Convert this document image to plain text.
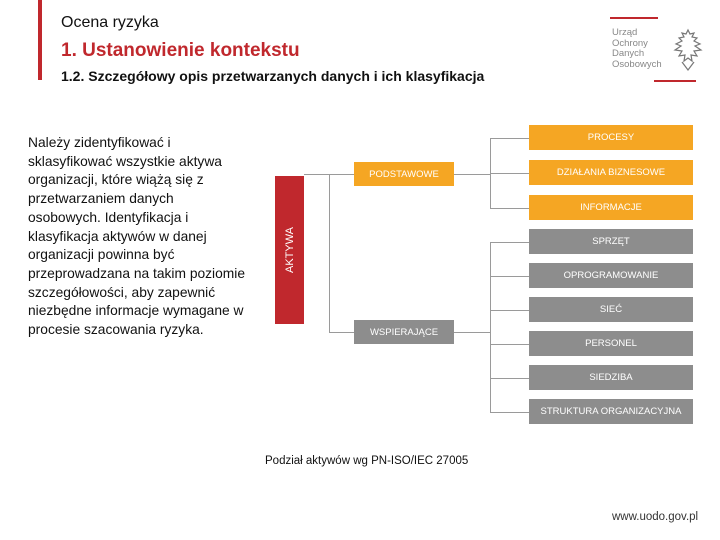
Ocena ryzyka
1. Ustanowienie kontekstu
1.2. Szczegółowy opis przetwarzanych danych i ich klasyfikacja
Urząd
Ochrony
Danych
Osobowych
Należy zidentyfikować i sklasyfikować wszystkie aktywa organizacji, które wiążą się z przetwarzaniem danych osobowych. Identyfikacja i klasyfikacja aktywów w danej organizacji powinna być przeprowadzana na takim poziomie szczegółowości, aby zapewnić niezbędne informacje wymagane w procesie szacowania ryzyka.
AKTYWA
PODSTAWOWE
WSPIERAJĄCE
PROCESY
DZIAŁANIA BIZNESOWE
INFORMACJE
SPRZĘT
OPROGRAMOWANIE
SIEĆ
PERSONEL
SIEDZIBA
STRUKTURA ORGANIZACYJNA
Podział aktywów wg PN-ISO/IEC 27005
www.uodo.gov.pl
